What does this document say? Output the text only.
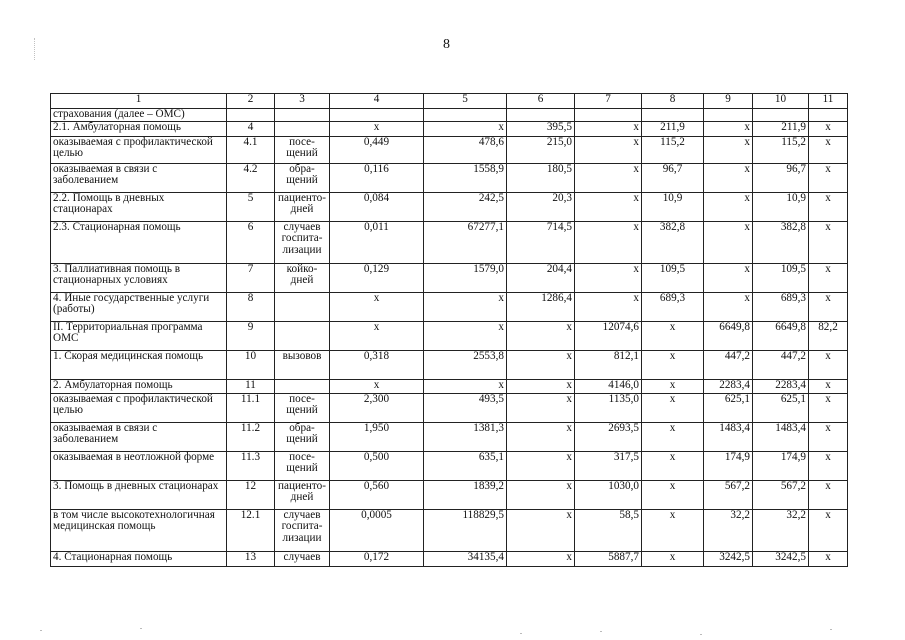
8
1	2	3	4	5	6	7	8	9	10	11
страхования (далее – ОМС)										
2.1. Амбулаторная помощь	4		x	x	395,5	x	211,9	x	211,9	x
оказываемая с профилактической целью	4.1	посе-щений	0,449	478,6	215,0	x	115,2	x	115,2	x
оказываемая в связи с заболеванием	4.2	обра-щений	0,116	1558,9	180,5	x	96,7	x	96,7	x
2.2. Помощь в дневных стационарах	5	пациенто-дней	0,084	242,5	20,3	x	10,9	x	10,9	x
2.3. Стационарная помощь	6	случаев госпита-лизации	0,011	67277,1	714,5	x	382,8	x	382,8	x
3. Паллиативная помощь в стационарных условиях	7	койко-дней	0,129	1579,0	204,4	x	109,5	x	109,5	x
4. Иные государственные услуги (работы)	8		x	x	1286,4	x	689,3	x	689,3	x
II. Территориальная программа ОМС	9		x	x	x	12074,6	x	6649,8	6649,8	82,2
1. Скорая медицинская помощь	10	вызовов	0,318	2553,8	x	812,1	x	447,2	447,2	x
2. Амбулаторная помощь	11		x	x	x	4146,0	x	2283,4	2283,4	x
оказываемая с профилактической целью	11.1	посе-щений	2,300	493,5	x	1135,0	x	625,1	625,1	x
оказываемая в связи с заболеванием	11.2	обра-щений	1,950	1381,3	x	2693,5	x	1483,4	1483,4	x
оказываемая в неотложной форме	11.3	посе-щений	0,500	635,1	x	317,5	x	174,9	174,9	x
3. Помощь в дневных стационарах	12	пациенто-дней	0,560	1839,2	x	1030,0	x	567,2	567,2	x
в том числе высокотехнологичная медицинская помощь	12.1	случаев госпита-лизации	0,0005	118829,5	x	58,5	x	32,2	32,2	x
4. Стационарная помощь	13	случаев	0,172	34135,4	x	5887,7	x	3242,5	3242,5	x
